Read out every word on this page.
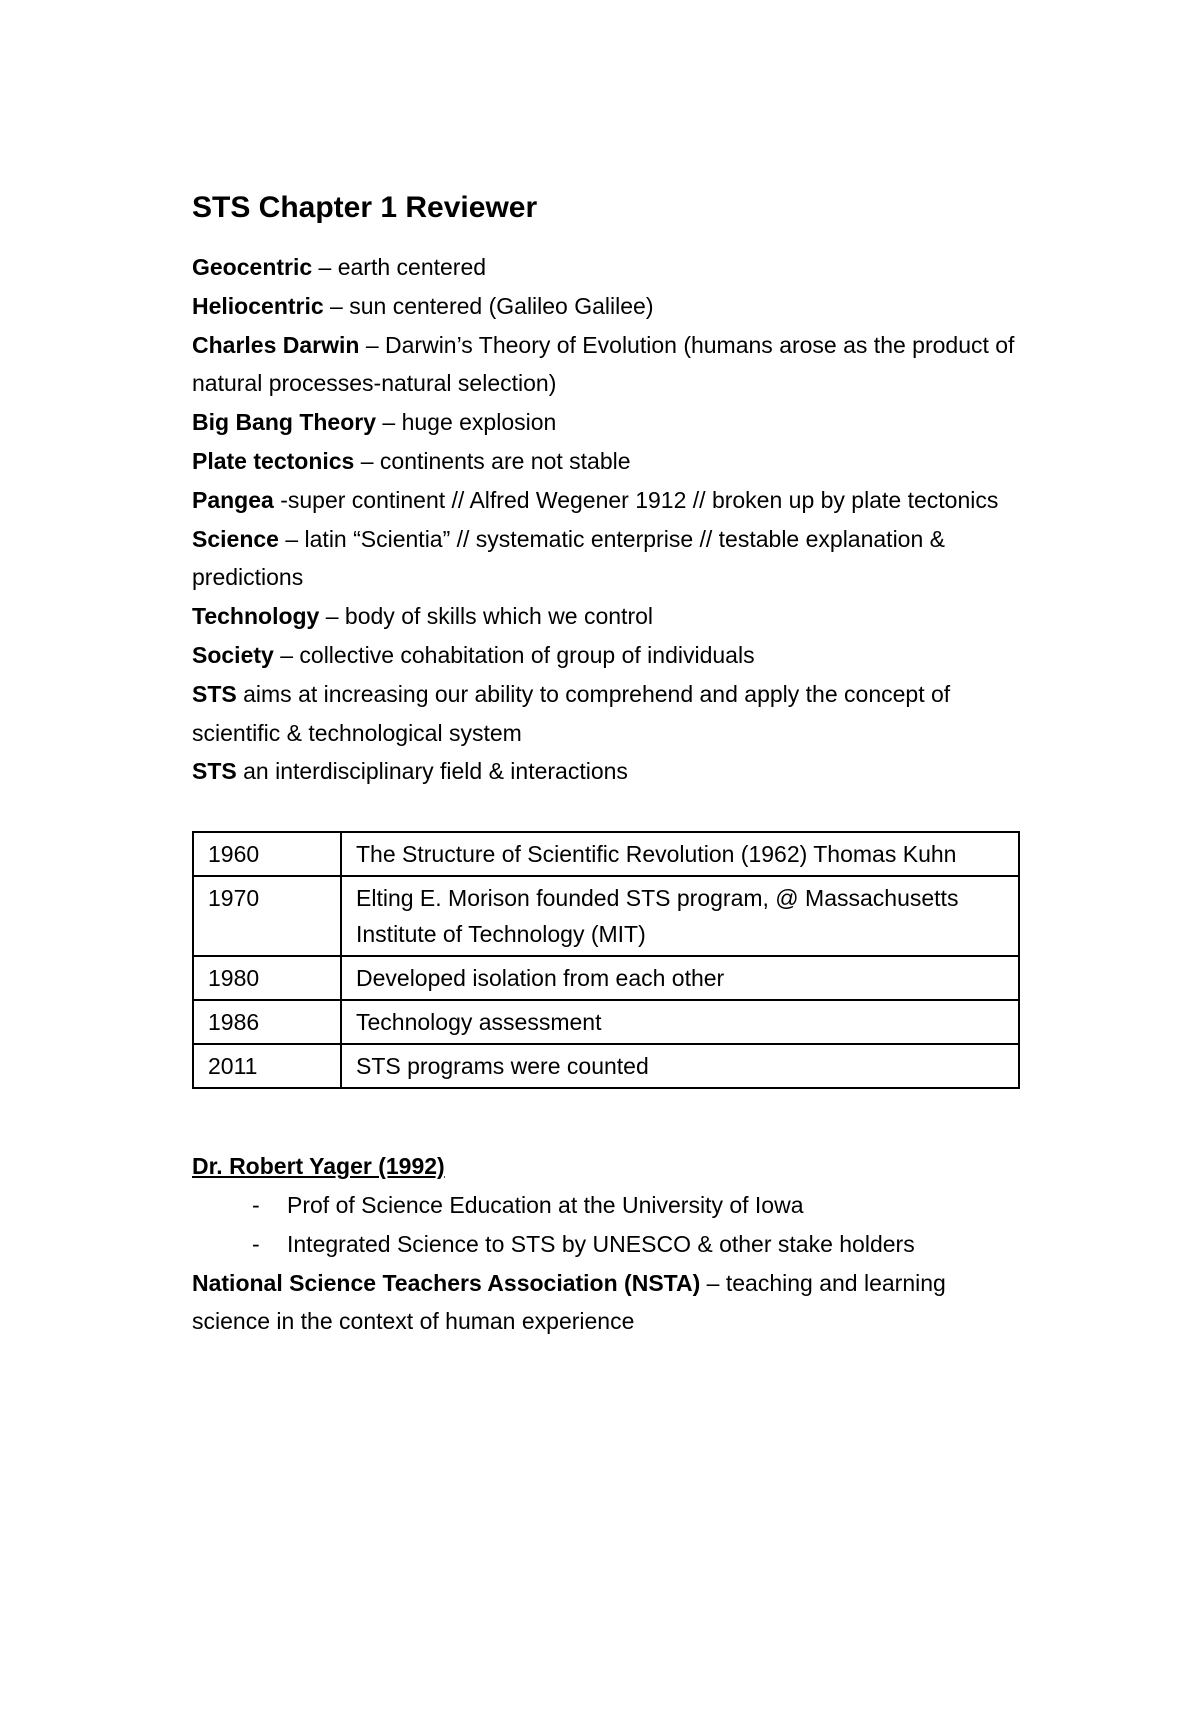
STS Chapter 1 Reviewer

Geocentric – earth centered

Heliocentric – sun centered (Galileo Galilee)

Charles Darwin – Darwin’s Theory of Evolution (humans arose as the product of natural processes-natural selection)

Big Bang Theory – huge explosion

Plate tectonics – continents are not stable

Pangea -super continent // Alfred Wegener 1912 // broken up by plate tectonics

Science – latin “Scientia” // systematic enterprise // testable explanation & predictions

Technology – body of skills which we control

Society – collective cohabitation of group of individuals

STS aims at increasing our ability to comprehend and apply the concept of scientific & technological system

STS an interdisciplinary field & interactions

1960	The Structure of Scientific Revolution (1962) Thomas Kuhn
1970	Elting E. Morison founded STS program, @ Massachusetts Institute of Technology (MIT)
1980	Developed isolation from each other
1986	Technology assessment
2011	STS programs were counted
Dr. Robert Yager (1992)
- Prof of Science Education at the University of Iowa
- Integrated Science to STS by UNESCO & other stake holders

National Science Teachers Association (NSTA) – teaching and learning science in the context of human experience
